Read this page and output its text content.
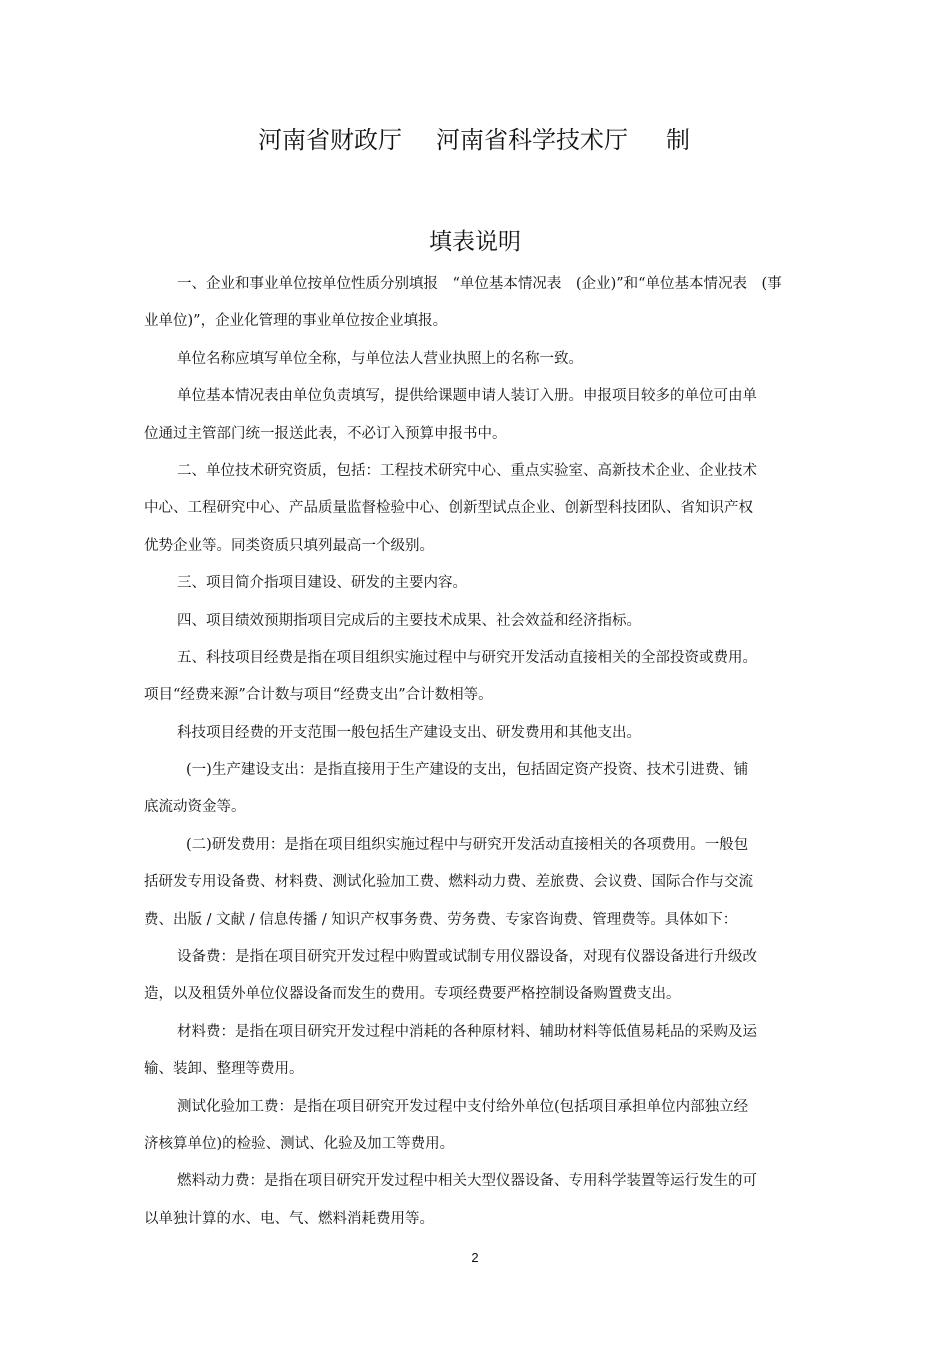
河南省财政厅

河南省科学技术厅

制

填表说明
一、企业和事业单位按单位性质分别填报　“单位基本情况表　(企业)”和“单位基本情况表　(事
业单位)”，企业化管理的事业单位按企业填报。
单位名称应填写单位全称，与单位法人营业执照上的名称一致。
单位基本情况表由单位负责填写，提供给课题申请人装订入册。申报项目较多的单位可由单
位通过主管部门统一报送此表，不必订入预算申报书中。
二、单位技术研究资质，包括：工程技术研究中心、重点实验室、高新技术企业、企业技术
中心、工程研究中心、产品质量监督检验中心、创新型试点企业、创新型科技团队、省知识产权
优势企业等。同类资质只填列最高一个级别。
三、项目简介指项目建设、研发的主要内容。
四、项目绩效预期指项目完成后的主要技术成果、社会效益和经济指标。
五、科技项目经费是指在项目组织实施过程中与研究开发活动直接相关的全部投资或费用。
项目“经费来源”合计数与项目“经费支出”合计数相等。
科技项目经费的开支范围一般包括生产建设支出、研发费用和其他支出。
(一)生产建设支出：是指直接用于生产建设的支出，包括固定资产投资、技术引进费、铺
底流动资金等。
(二)研发费用：是指在项目组织实施过程中与研究开发活动直接相关的各项费用。一般包
括研发专用设备费、材料费、测试化验加工费、燃料动力费、差旅费、会议费、国际合作与交流
费、出版 / 文献 / 信息传播 / 知识产权事务费、劳务费、专家咨询费、管理费等。具体如下：
设备费：是指在项目研究开发过程中购置或试制专用仪器设备，对现有仪器设备进行升级改
造，以及租赁外单位仪器设备而发生的费用。专项经费要严格控制设备购置费支出。
材料费：是指在项目研究开发过程中消耗的各种原材料、辅助材料等低值易耗品的采购及运
输、装卸、整理等费用。
测试化验加工费：是指在项目研究开发过程中支付给外单位(包括项目承担单位内部独立经
济核算单位)的检验、测试、化验及加工等费用。
燃料动力费：是指在项目研究开发过程中相关大型仪器设备、专用科学装置等运行发生的可
以单独计算的水、电、气、燃料消耗费用等。
2
